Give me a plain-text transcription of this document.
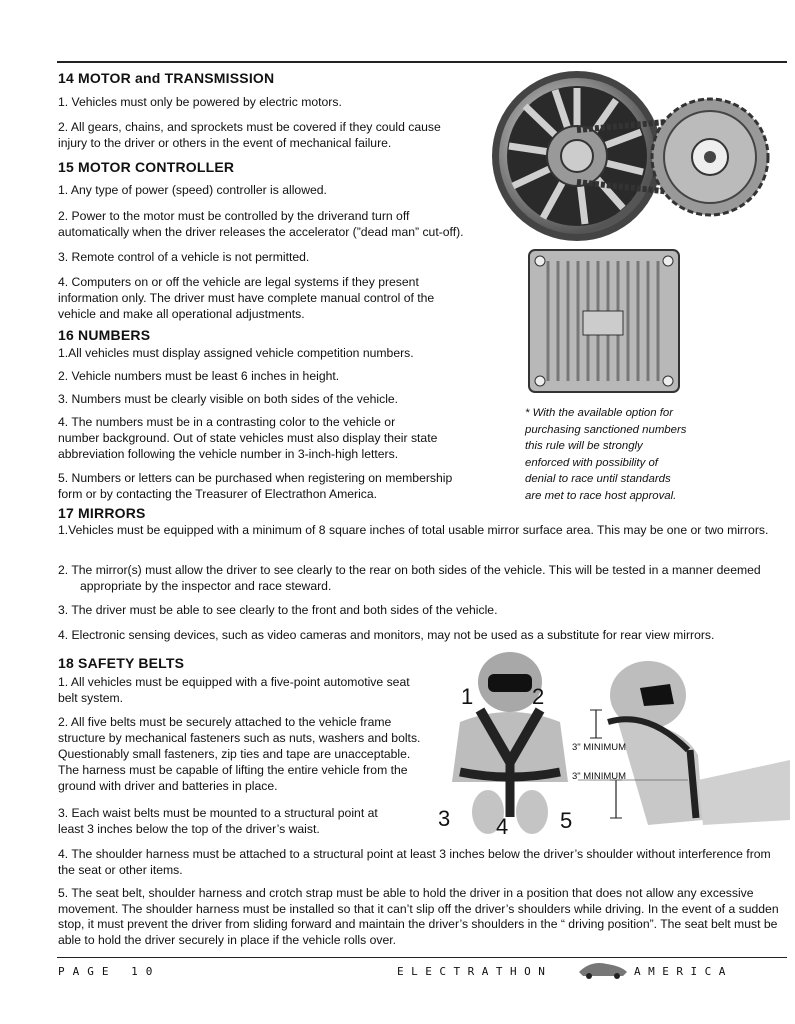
14 MOTOR and TRANSMISSION
1. Vehicles must only be powered by electric motors.
2. All gears, chains, and sprockets must be covered if they could cause
injury to the driver or others in the event of mechanical failure.
15 MOTOR CONTROLLER
1. Any type of power (speed) controller is allowed.
2. Power to the motor must be controlled by the driverand turn off
automatically when the driver releases the accelerator (”dead man” cut-off).
3. Remote control of a vehicle is not permitted.
4. Computers on or off the vehicle are legal systems if they present
information only. The driver must have complete manual control of the
vehicle and make all operational adjustments.
16 NUMBERS
1.All vehicles must display assigned vehicle competition numbers.
2. Vehicle numbers must be least 6 inches in height.
3. Numbers must be clearly visible on both sides of the vehicle.
4. The numbers must be in a contrasting color to the vehicle or
number background. Out of state vehicles must also display their state
abbreviation following the vehicle number in 3-inch-high letters.
5. Numbers or letters can be purchased when registering on membership
form or by contacting the Treasurer of Electrathon America.
* With the available option for
purchasing sanctioned numbers
this rule will be strongly
enforced with possibility of
denial to race until standards
are met to race host approval.
17 MIRRORS
1.Vehicles must be equipped with a minimum of 8 square inches of total usable mirror surface area. This may be one or two mirrors.
2. The mirror(s) must allow the driver to see clearly to the rear on both sides of the vehicle. This will be tested in a manner deemed appropriate by the inspector and race steward.
3. The driver must be able to see clearly to the front and both sides of the vehicle.
4. Electronic sensing devices, such as video cameras and monitors, may not be used as a substitute for rear view mirrors.
18 SAFETY BELTS
1. All vehicles must be equipped with a five-point automotive seat
belt system.
2. All five belts must be securely attached to the vehicle frame
structure by mechanical fasteners such as nuts, washers and bolts.
Questionably small fasteners, zip ties and tape are unacceptable.
The harness must be capable of lifting the entire vehicle from the
ground with driver and batteries in place.
3. Each waist belts must be mounted to a structural point at
least 3 inches below the top of the driver’s waist.
4. The shoulder harness must be attached to a structural point at least 3 inches below the driver’s shoulder without interference from the seat or other items.
5. The seat belt, shoulder harness and crotch strap must be able to hold the driver in a position that does not allow any excessive movement. The shoulder harness must be installed so that it can’t slip off the driver’s shoulders while driving. In the event of a sudden stop, it must prevent the driver from sliding forward and maintain the driver’s shoulders in the “ driving position”. The seat belt must be able to hold the driver securely in place if the vehicle rolls over.
1	2
3 4 5
3" MINIMUM
3" MINIMUM
PAGE 10	ELECTRATHON	AMERICA
